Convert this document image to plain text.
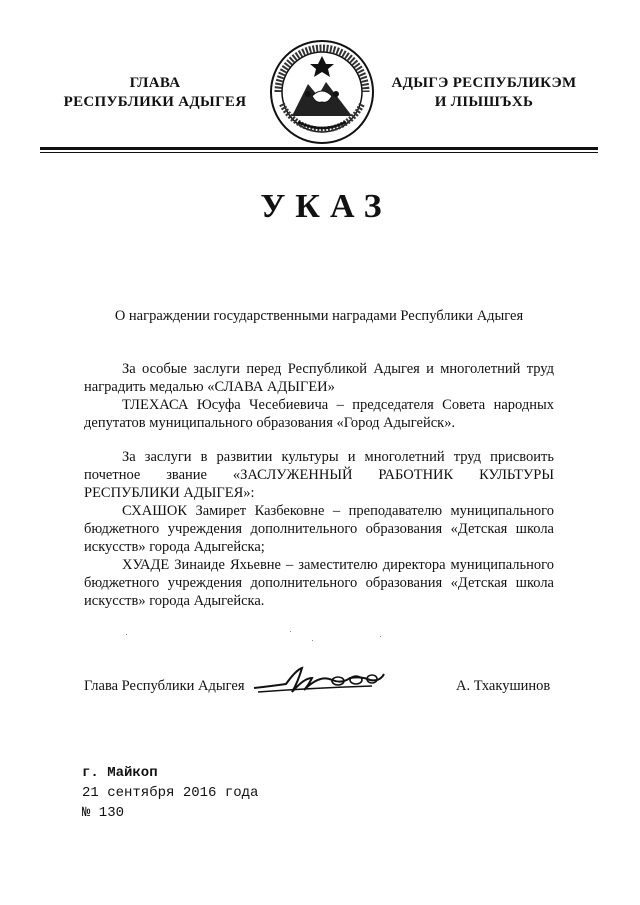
ГЛАВА
РЕСПУБЛИКИ АДЫГЕЯ
АДЫГЭ РЕСПУБЛИКЭМ
И ЛІЫШЪХЬ
УКАЗ
О награждении государственными наградами Республики Адыгея

За особые заслуги перед Республикой Адыгея и многолетний труд наградить медалью «СЛАВА АДЫГЕИ»

ТЛЕХАСА Юсуфа Чесебиевича – председателя Совета народных депутатов муниципального образования «Город Адыгейск».

За заслуги в развитии культуры и многолетний труд присвоить почетное звание «ЗАСЛУЖЕННЫЙ РАБОТНИК КУЛЬТУРЫ РЕСПУБЛИКИ АДЫГЕЯ»:

СХАШОК Замирет Казбековне – преподавателю муниципального бюджетного учреждения дополнительного образования «Детская школа искусств» города Адыгейска;

ХУАДЕ Зинаиде Яхьевне – заместителю директора муниципального бюджетного учреждения дополнительного образования «Детская школа искусств» города Адыгейска.

Глава Республики Адыгея	А. Тхакушинов
г. Майкоп
21 сентября 2016 года
№ 130
